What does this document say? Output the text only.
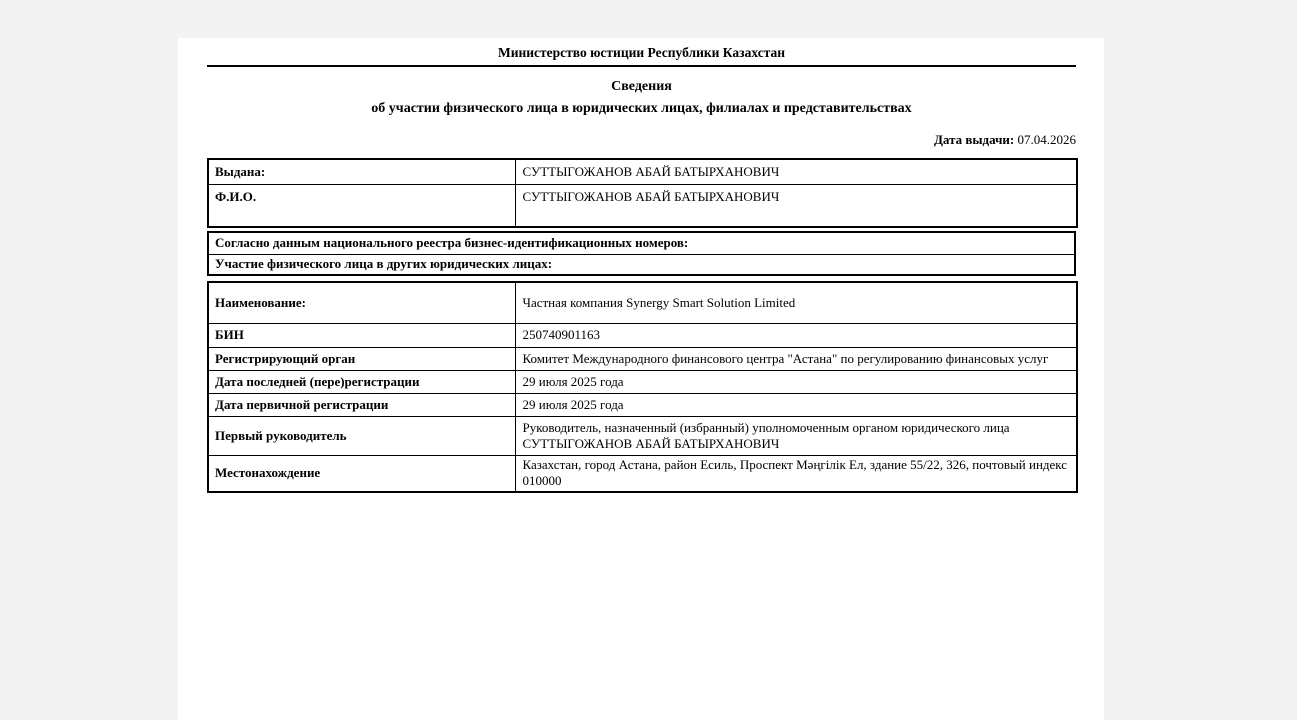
Министерство юстиции Республики Казахстан
Сведения
об участии физического лица в юридических лицах, филиалах и представительствах
Дата выдачи: 07.04.2026
Выдана:	СУТТЫГОЖАНОВ АБАЙ БАТЫРХАНОВИЧ
Ф.И.О.	СУТТЫГОЖАНОВ АБАЙ БАТЫРХАНОВИЧ
Согласно данным национального реестра бизнес-идентификационных номеров:
Участие физического лица в других юридических лицах:
Наименование:	Частная компания Synergy Smart Solution Limited
БИН	250740901163
Регистрирующий орган	Комитет Международного финансового центра "Астана" по регулированию финансовых услуг
Дата последней (пере)регистрации	29 июля 2025 года
Дата первичной регистрации	29 июля 2025 года
Первый руководитель	Руководитель, назначенный (избранный) уполномоченным органом юридического лица СУТТЫГОЖАНОВ АБАЙ БАТЫРХАНОВИЧ
Местонахождение	Казахстан, город Астана, район Есиль, Проспект Мәңгілік Ел, здание 55/22, 326, почтовый индекс 010000
